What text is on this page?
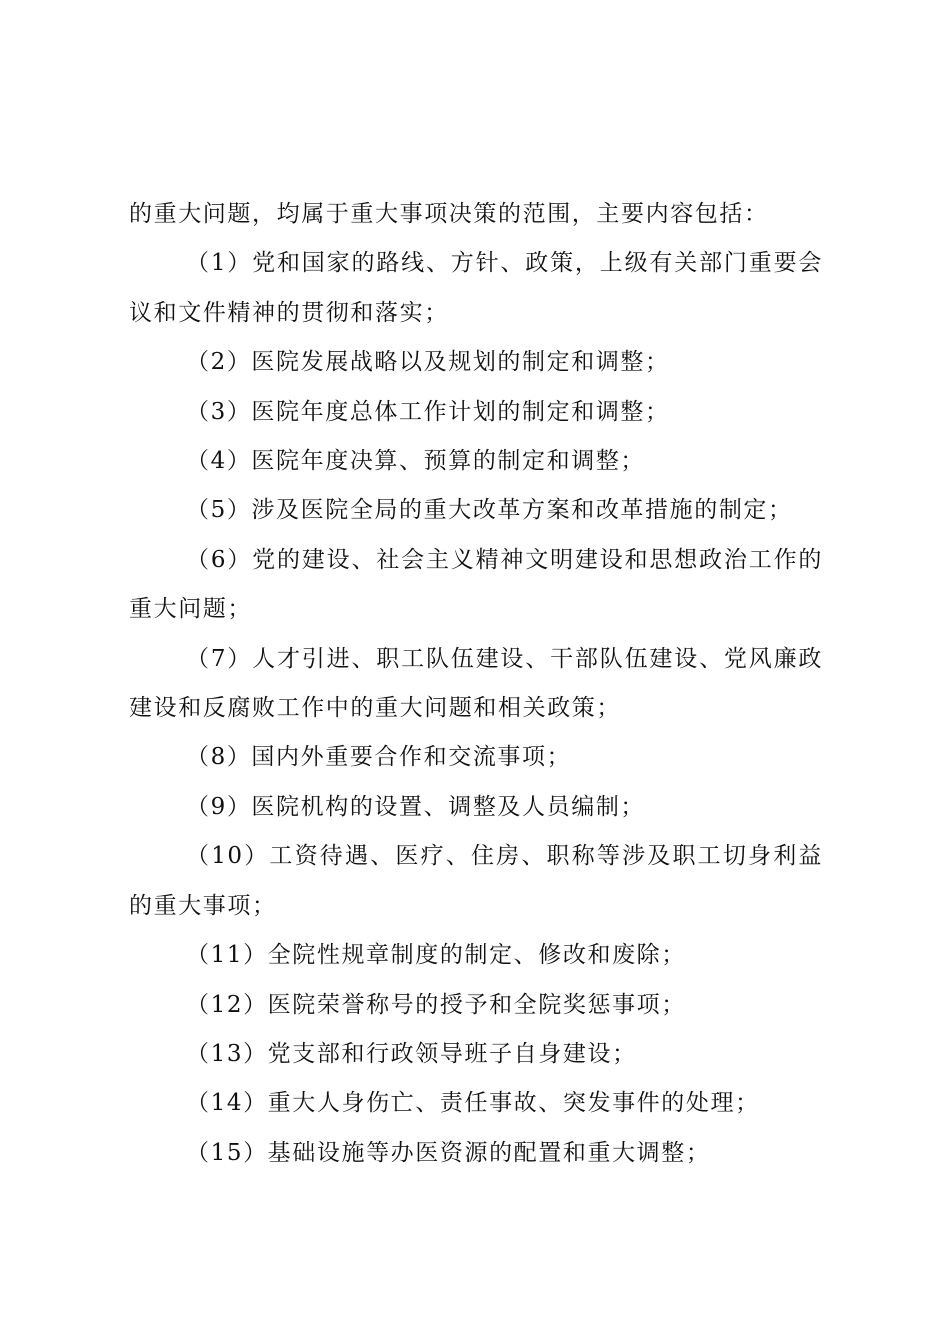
的重大问题，均属于重大事项决策的范围，主要内容包括：

（1）党和国家的路线、方针、政策，上级有关部门重要会议和文件精神的贯彻和落实；

（2）医院发展战略以及规划的制定和调整；

（3）医院年度总体工作计划的制定和调整；

（4）医院年度决算、预算的制定和调整；

（5）涉及医院全局的重大改革方案和改革措施的制定；

（6）党的建设、社会主义精神文明建设和思想政治工作的重大问题；

（7）人才引进、职工队伍建设、干部队伍建设、党风廉政建设和反腐败工作中的重大问题和相关政策；

（8）国内外重要合作和交流事项；

（9）医院机构的设置、调整及人员编制；

（10）工资待遇、医疗、住房、职称等涉及职工切身利益的重大事项；

（11）全院性规章制度的制定、修改和废除；

（12）医院荣誉称号的授予和全院奖惩事项；

（13）党支部和行政领导班子自身建设；

（14）重大人身伤亡、责任事故、突发事件的处理；

（15）基础设施等办医资源的配置和重大调整；
